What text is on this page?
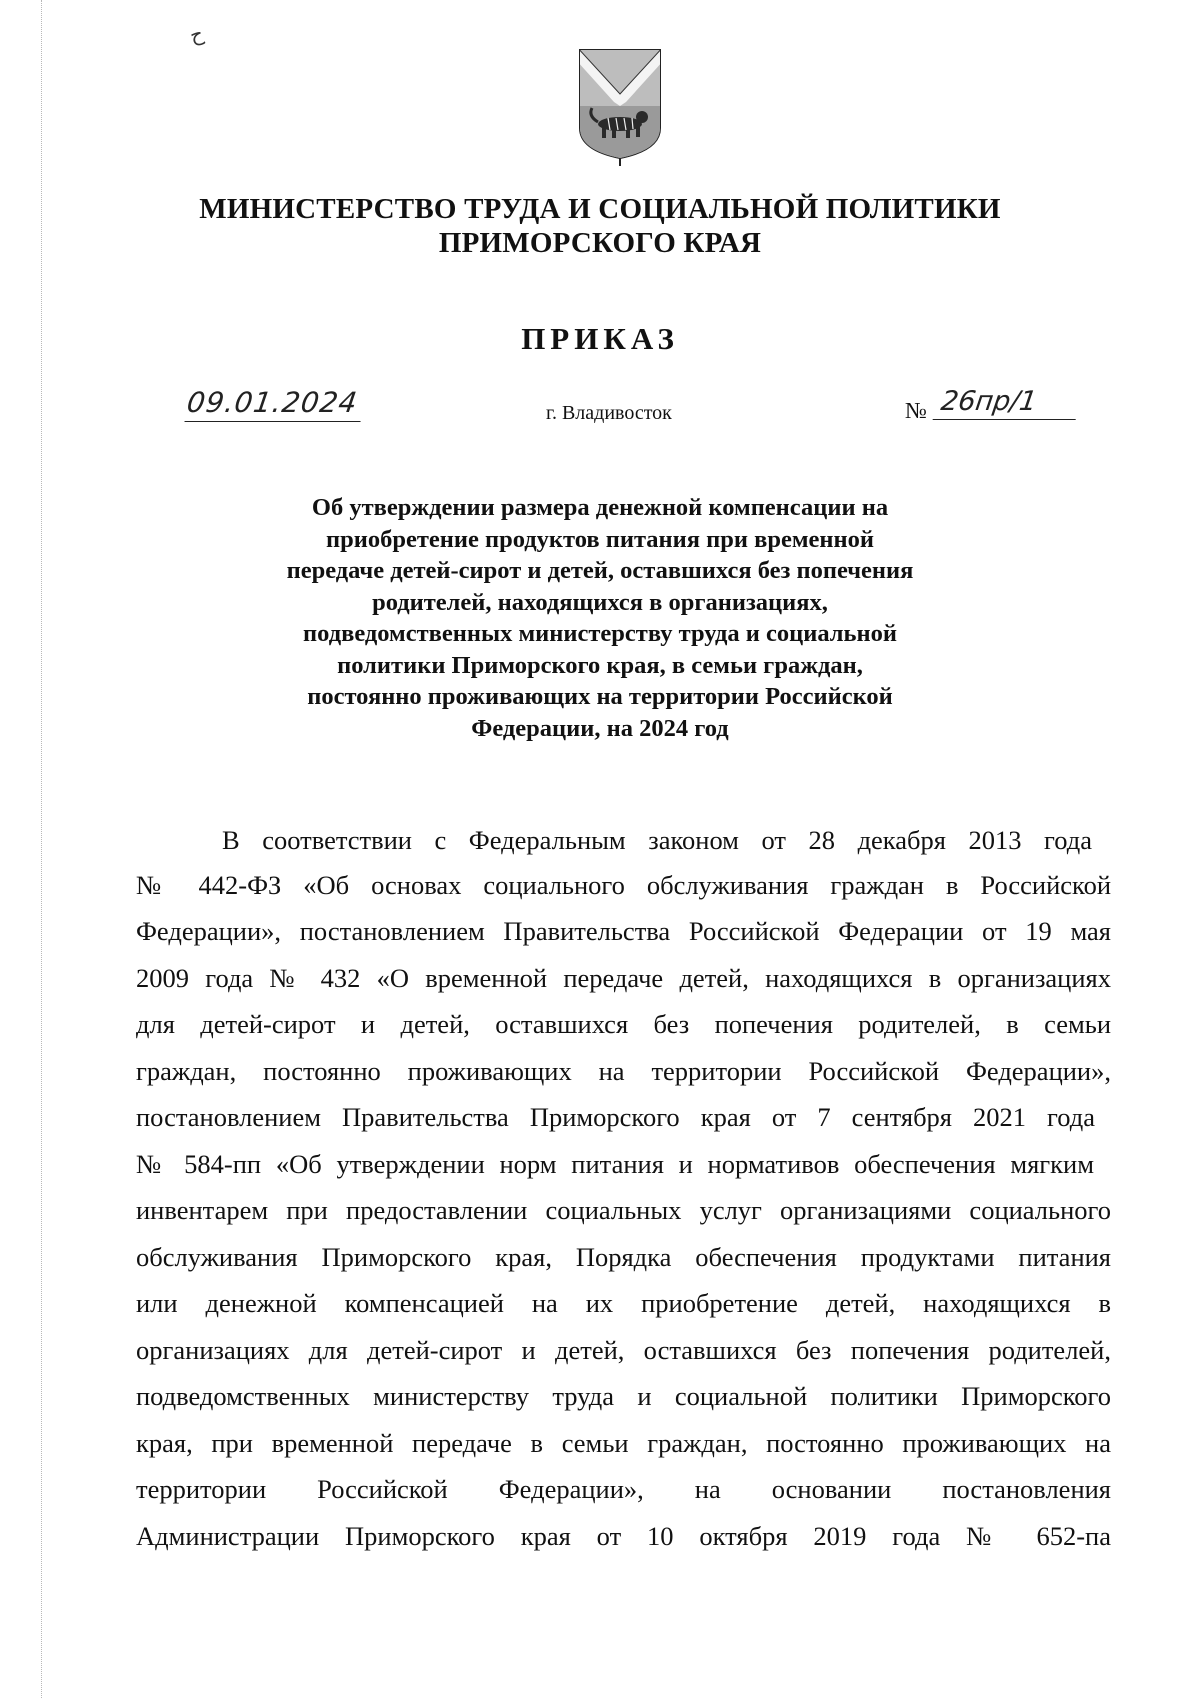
ح
МИНИСТЕРСТВО ТРУДА И СОЦИАЛЬНОЙ ПОЛИТИКИ
ПРИМОРСКОГО КРАЯ
ПРИКАЗ
09.01.2024	г. Владивосток	№ 26пр/1
Об утверждении размера денежной компенсации на
приобретение продуктов питания при временной
передаче детей-сирот и детей, оставшихся без попечения
родителей, находящихся в организациях,
подведомственных министерству труда и социальной
политики Приморского края, в семьи граждан,
постоянно проживающих на территории Российской
Федерации, на 2024 год
В соответствии с Федеральным законом от 28 декабря 2013 года
№ 442-ФЗ «Об основах социального обслуживания граждан в Российской
Федерации», постановлением Правительства Российской Федерации от 19 мая
2009 года № 432 «О временной передаче детей, находящихся в организациях
для детей-сирот и детей, оставшихся без попечения родителей, в семьи
граждан, постоянно проживающих на территории Российской Федерации»,
постановлением Правительства Приморского края от 7 сентября 2021 года
№ 584-пп «Об утверждении норм питания и нормативов обеспечения мягким
инвентарем при предоставлении социальных услуг организациями социального
обслуживания Приморского края, Порядка обеспечения продуктами питания
или денежной компенсацией на их приобретение детей, находящихся в
организациях для детей-сирот и детей, оставшихся без попечения родителей,
подведомственных министерству труда и социальной политики Приморского
края, при временной передаче в семьи граждан, постоянно проживающих на
территории Российской Федерации», на основании постановления
Администрации Приморского края от 10 октября 2019 года № 652-па
